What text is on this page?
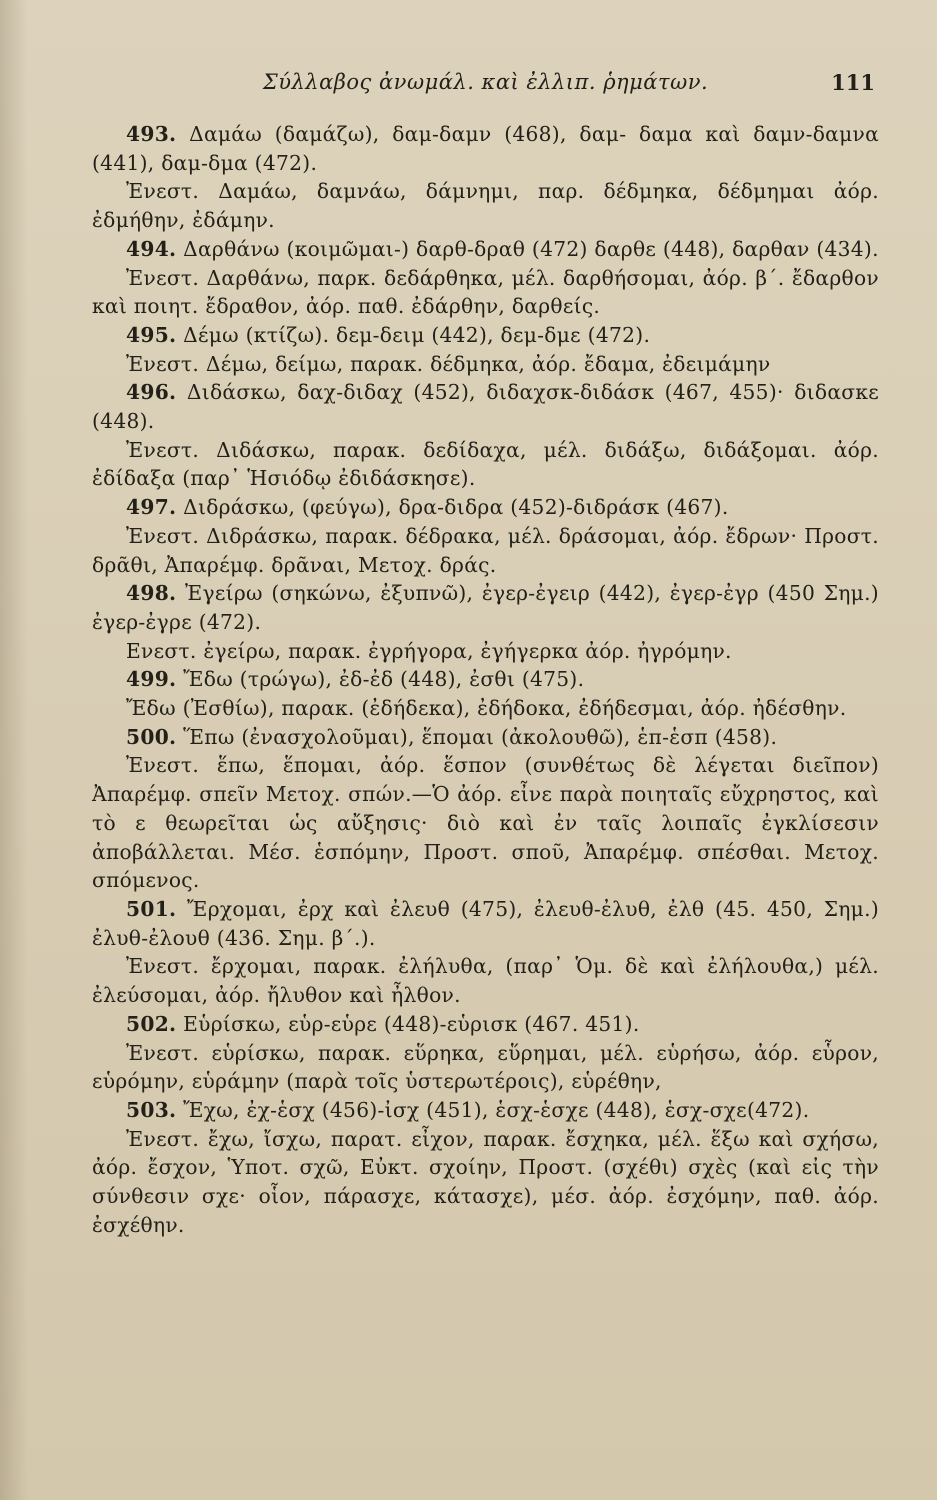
Σύλλαβος ἀνωμάλ. καὶ ἐλλιπ. ῥημάτων.	111

493. Δαμάω (δαμάζω), δαμ-δαμν (468), δαμ- δαμα καὶ δαμν-δαμνα (441), δαμ-δμα (472).

Ἐνεστ. Δαμάω, δαμνάω, δάμνημι, παρ. δέδμηκα, δέδμημαι ἀόρ. ἐδμήθην, ἐδάμην.

494. Δαρθάνω (κοιμῶμαι-) δαρθ-δραθ (472) δαρθε (448), δαρθαν (434).

Ἐνεστ. Δαρθάνω, παρκ. δεδάρθηκα, μέλ. δαρθήσομαι, ἀόρ. β΄. ἔδαρθον καὶ ποιητ. ἔδραθον, ἀόρ. παθ. ἐδάρθην, δαρθείς.

495. Δέμω (κτίζω). δεμ-δειμ (442), δεμ-δμε (472).

Ἐνεστ. Δέμω, δείμω, παρακ. δέδμηκα, ἀόρ. ἔδαμα, ἐδειμάμην

496. Διδάσκω, δαχ-διδαχ (452), διδαχσκ-διδάσκ (467, 455)· διδασκε (448).

Ἐνεστ. Διδάσκω, παρακ. δεδίδαχα, μέλ. διδάξω, διδάξομαι. ἀόρ. ἐδίδαξα (παρ᾽ Ἡσιόδῳ ἐδιδάσκησε).

497. Διδράσκω, (φεύγω), δρα-διδρα (452)-διδράσκ (467).

Ἐνεστ. Διδράσκω, παρακ. δέδρακα, μέλ. δράσομαι, ἀόρ. ἔδρων· Προστ. δρᾶθι, Ἀπαρέμφ. δρᾶναι, Μετοχ. δράς.

498. Ἐγείρω (σηκώνω, ἐξυπνῶ), ἐγερ-ἐγειρ (442), ἐγερ-ἐγρ (450 Σημ.) ἐγερ-ἐγρε (472).

Ενεστ. ἐγείρω, παρακ. ἐγρήγορα, ἐγήγερκα ἀόρ. ἠγρόμην.

499. Ἔδω (τρώγω), ἐδ-ἐδ (448), ἐσθι (475).

Ἔδω (Ἐσθίω), παρακ. (ἐδήδεκα), ἐδήδοκα, ἐδήδεσμαι, ἀόρ. ἠδέσθην.

500. Ἕπω (ἐνασχολοῦμαι), ἕπομαι (ἀκολουθῶ), ἑπ-ἑσπ (458).

Ἐνεστ. ἕπω, ἕπομαι, ἀόρ. ἕσπον (συνθέτως δὲ λέγεται διεῖπον) Ἀπαρέμφ. σπεῖν Μετοχ. σπών.—Ὁ ἀόρ. εἶνε παρὰ ποιηταῖς εὔχρηστος, καὶ τὸ ε θεωρεῖται ὡς αὔξησις· διὸ καὶ ἐν ταῖς λοιπαῖς ἐγκλίσεσιν ἀποβάλλεται. Μέσ. ἑσπόμην, Προστ. σποῦ, Ἀπαρέμφ. σπέσθαι. Μετοχ. σπόμενος.

501. Ἔρχομαι, ἐρχ καὶ ἐλευθ (475), ἐλευθ-ἐλυθ, ἐλθ (45. 450, Σημ.) ἐλυθ-ἐλουθ (436. Σημ. β΄.).

Ἐνεστ. ἔρχομαι, παρακ. ἐλήλυθα, (παρ᾽ Ὁμ. δὲ καὶ ἐλήλουθα,) μέλ. ἐλεύσομαι, ἀόρ. ἤλυθον καὶ ἦλθον.

502. Εὑρίσκω, εὑρ-εὑρε (448)-εὑρισκ (467. 451).

Ἐνεστ. εὑρίσκω, παρακ. εὕρηκα, εὕρημαι, μέλ. εὑρήσω, ἀόρ. εὗρον, εὑρόμην, εὑράμην (παρὰ τοῖς ὑστερωτέροις), εὑρέθην,

503. Ἔχω, ἐχ-ἑσχ (456)-ἰσχ (451), ἑσχ-ἑσχε (448), ἑσχ-σχε(472).

Ἐνεστ. ἔχω, ἴσχω, παρατ. εἶχον, παρακ. ἔσχηκα, μέλ. ἕξω καὶ σχήσω, ἀόρ. ἔσχον, Ὑποτ. σχῶ, Εὐκτ. σχοίην, Προστ. (σχέθι) σχὲς (καὶ εἰς τὴν σύνθεσιν σχε· οἷον, πάρασχε, κάτασχε), μέσ. ἀόρ. ἐσχόμην, παθ. ἀόρ. ἐσχέθην.
